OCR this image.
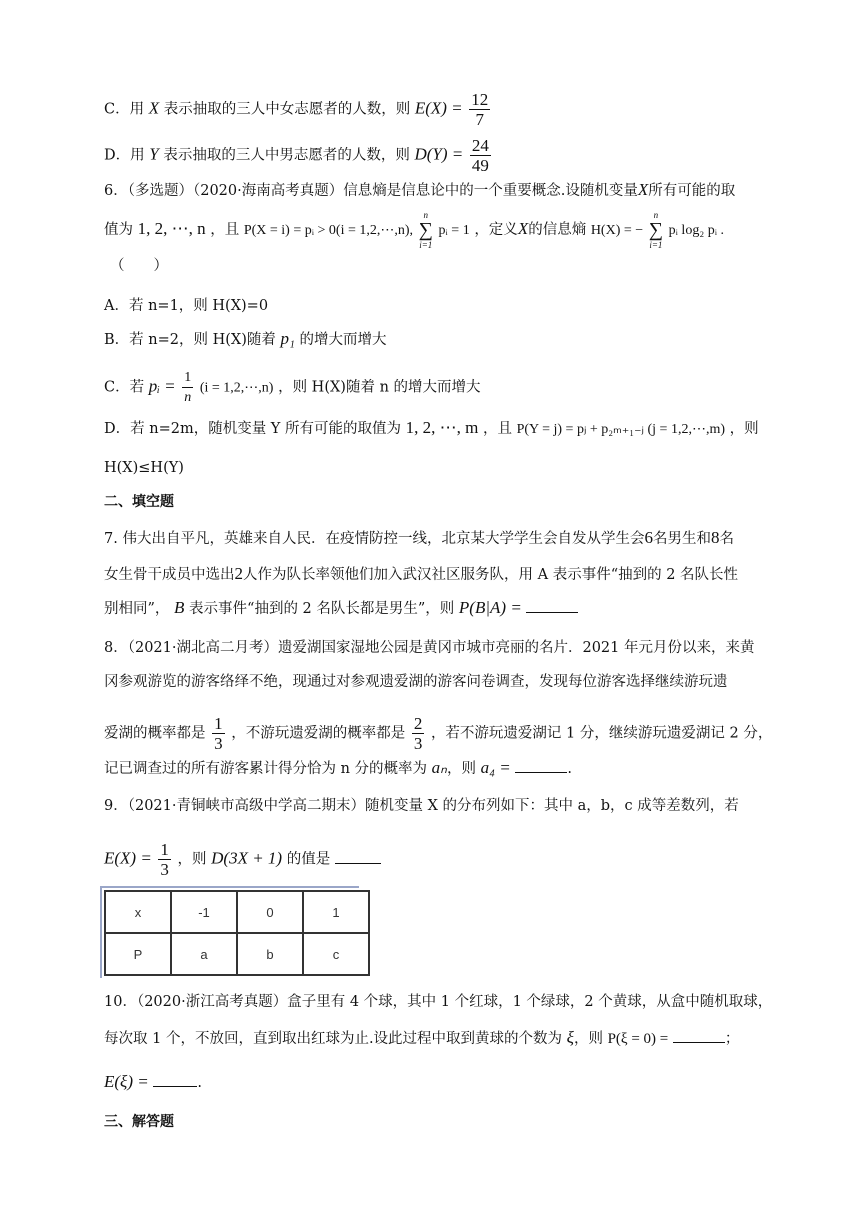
C．用 X 表示抽取的三人中女志愿者的人数，则 $E(X) = \frac{12}{7}$
D．用 Y 表示抽取的三人中男志愿者的人数，则 $D(Y) = \frac{24}{49}$
6．（多选题）（2020·海南高考真题）信息熵是信息论中的一个重要概念.设随机变量X所有可能的取
值为 1, 2, ⋯, n ，且 P(X = i) = pᵢ > 0(i = 1,2,⋯,n),
n
∑
i=1
pᵢ = 1 ，定义X的信息熵 H(X) = −
n
∑
i=1
pᵢ log₂ pᵢ .
（　　）
A．若 n=1，则 H(X)=0
B．若 n=2，则 H(X)随着 p₁ 的增大而增大
C．若 pᵢ = $\frac{1}{n} (i$ = 1,2,⋯,n) ，则 H(X)随着 n 的增大而增大
D．若 n=2m，随机变量 Y 所有可能的取值为 1, 2, ⋯, m ，且 P(Y = j) = pⱼ + p₂ₘ₊₁₋ⱼ (j = 1,2,⋯,m) ，则
H(X)≤H(Y)
二、填空题
7. 伟大出自平凡，英雄来自人民．在疫情防控一线，北京某大学学生会自发从学生会6名男生和8名
女生骨干成员中选出2人作为队长率领他们加入武汉社区服务队，用 A 表示事件“抽到的 2 名队长性
别相同”， B 表示事件“抽到的 2 名队长都是男生”，则 P(B|A) =
8．（2021·湖北高二月考）遗爱湖国家湿地公园是黄冈市城市亮丽的名片．2021 年元月份以来，来黄
冈参观游览的游客络绎不绝，现通过对参观遗爱湖的游客问卷调查，发现每位游客选择继续游玩遗
爱湖的概率都是 $\frac{1}{3}$ ，不游玩遗爱湖的概率都是 $\frac{2}{3}$ ，若不游玩遗爱湖记 1 分，继续游玩遗爱湖记 2 分，
记已调查过的所有游客累计得分恰为 n 分的概率为 aₙ，则 a₄ =	.
9．（2021·青铜峡市高级中学高二期末）随机变量 X 的分布列如下：其中 a，b，c 成等差数列，若
$E(X) = \frac{1}{3}$ ，则 D(3X + 1) 的值是
x	-1	0	1
P	a	b	c
10．（2020·浙江高考真题）盒子里有 4 个球，其中 1 个红球，1 个绿球，2 个黄球，从盒中随机取球，
每次取 1 个，不放回，直到取出红球为止.设此过程中取到黄球的个数为 ξ，则 P(ξ = 0) =	；
E(ξ) =	.
三、解答题
